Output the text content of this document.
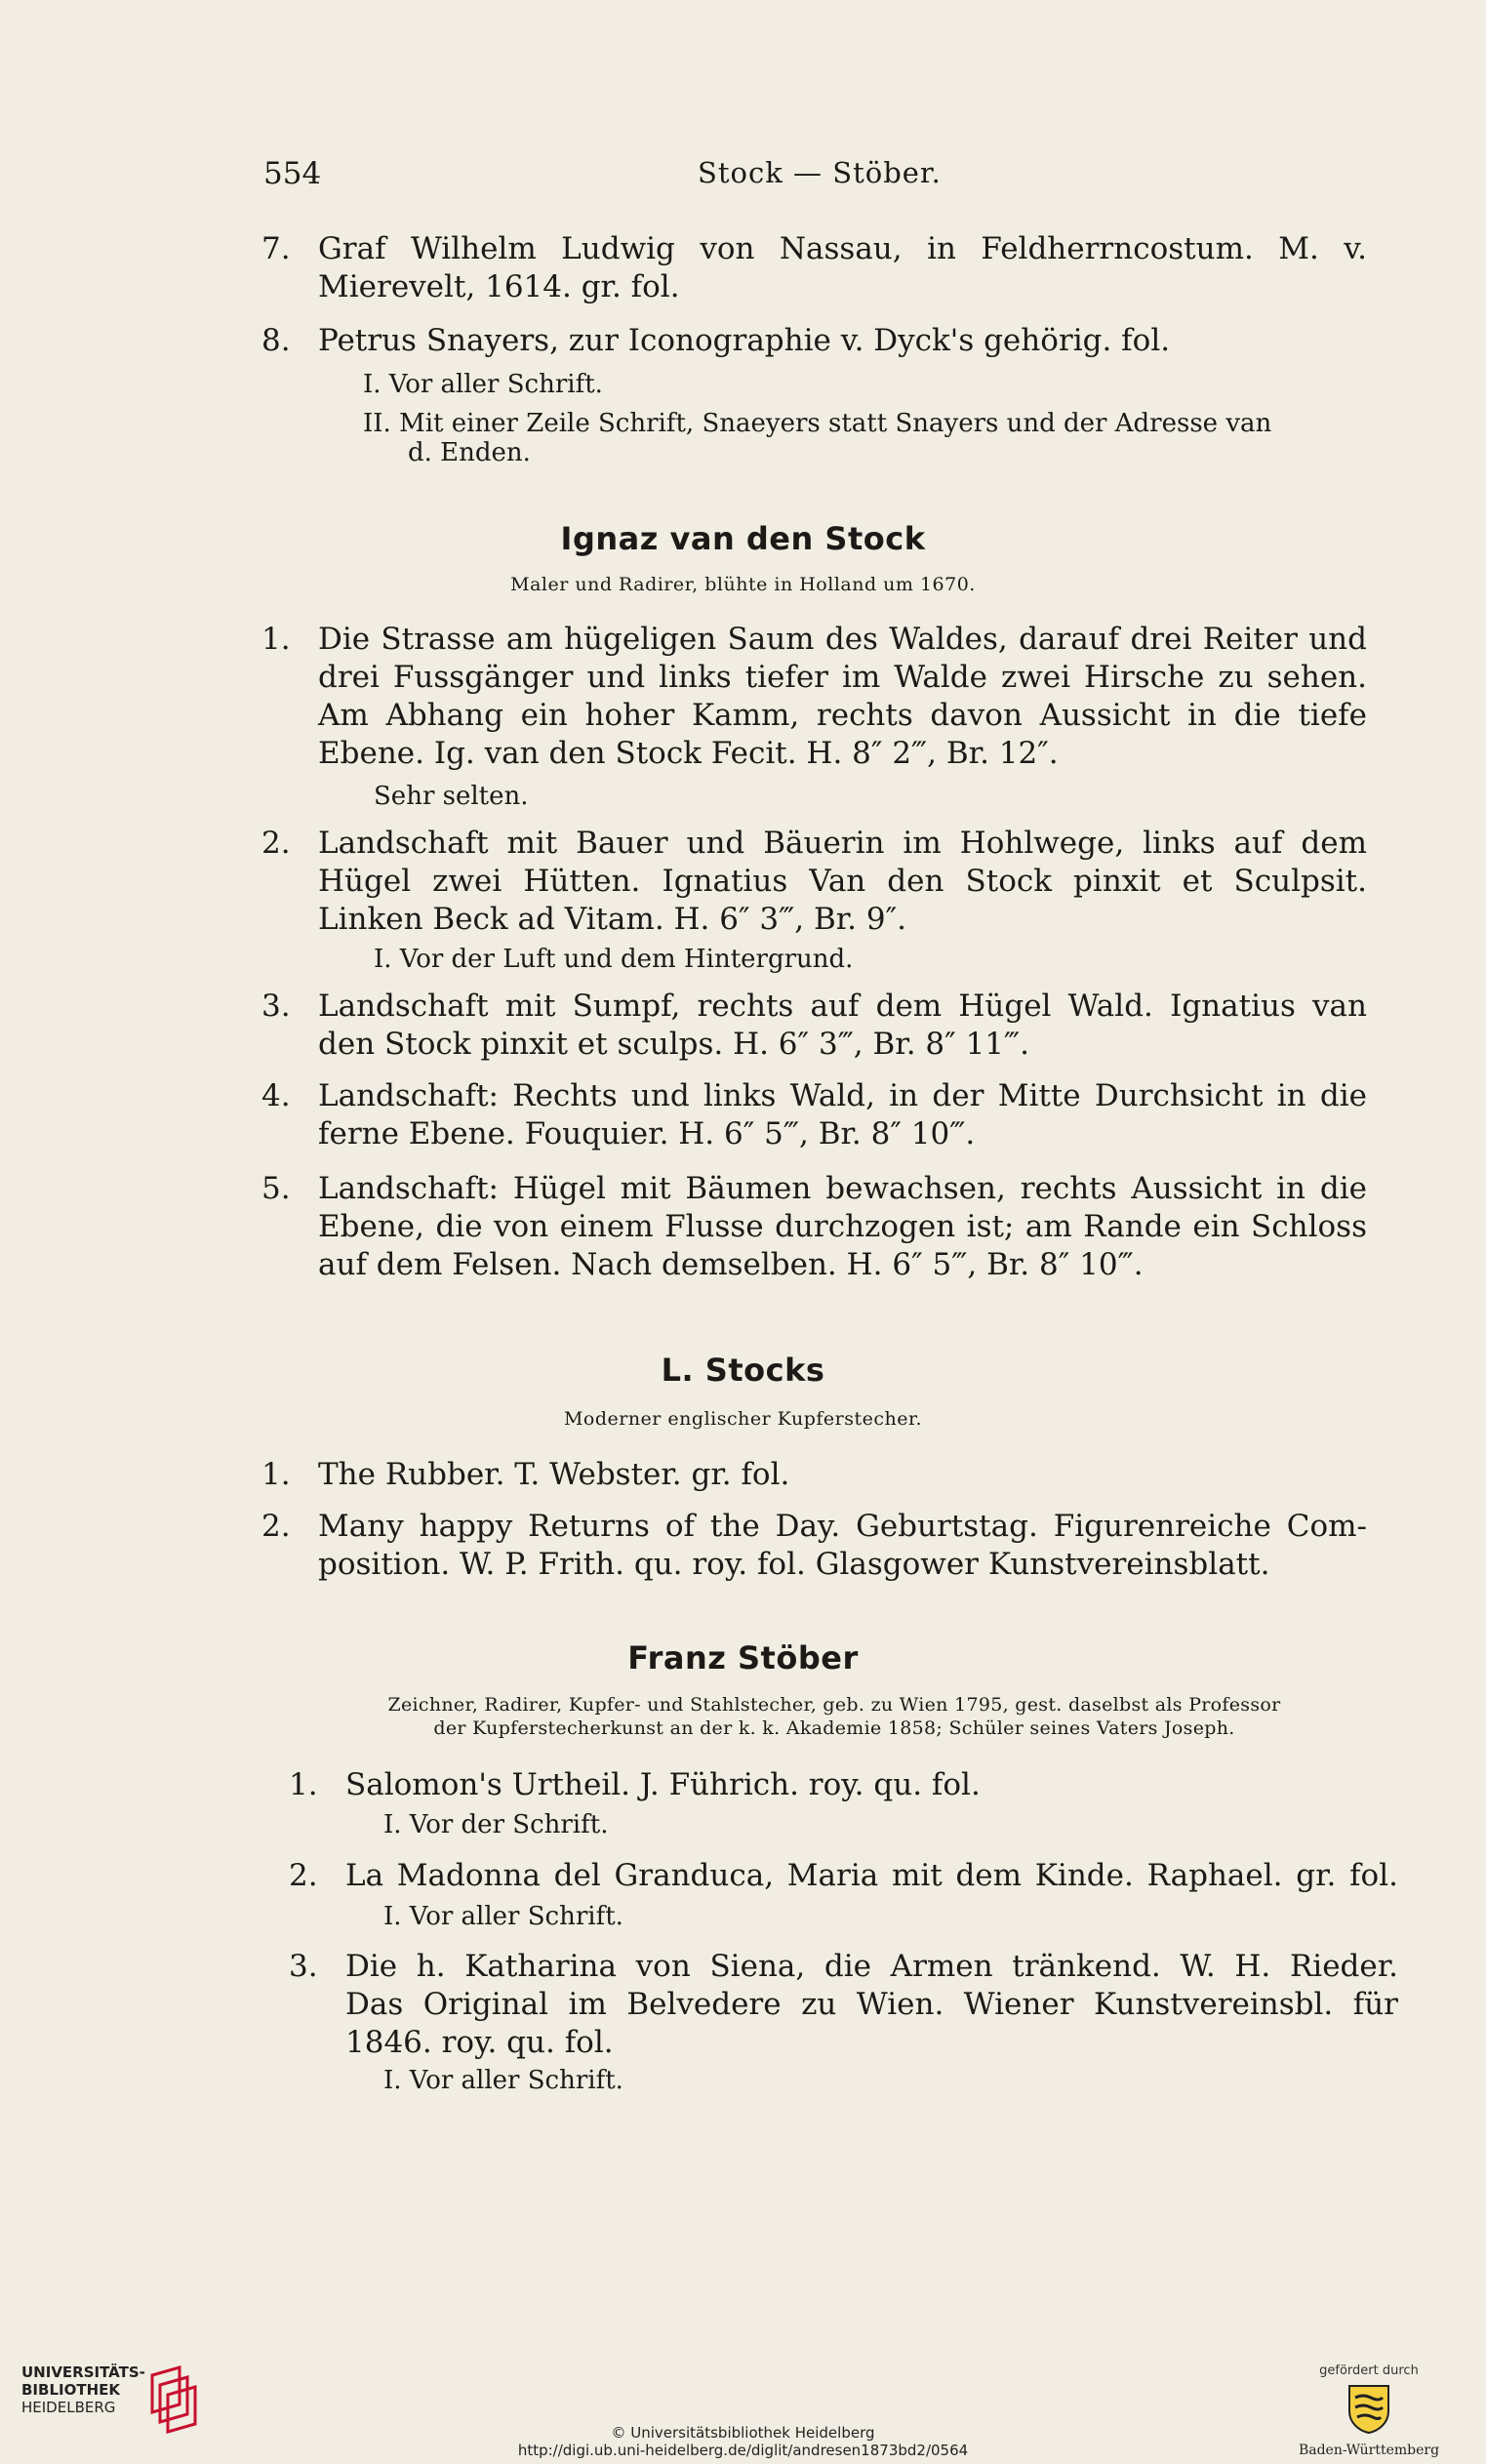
554	Stock — Stöber.
7. Graf Wilhelm Ludwig von Nassau, in Feldherrncostum. M. v.
Mierevelt, 1614. gr. fol.
8. Petrus Snayers, zur Iconographie v. Dyck's gehörig. fol.
I. Vor aller Schrift.
II. Mit einer Zeile Schrift, Snaeyers statt Snayers und der Adresse van
d. Enden.
Ignaz van den Stock
Maler und Radirer, blühte in Holland um 1670.
1. Die Strasse am hügeligen Saum des Waldes, darauf drei Reiter und
drei Fussgänger und links tiefer im Walde zwei Hirsche zu sehen.
Am Abhang ein hoher Kamm, rechts davon Aussicht in die tiefe
Ebene. Ig. van den Stock Fecit. H. 8″ 2‴, Br. 12″.
Sehr selten.
2. Landschaft mit Bauer und Bäuerin im Hohlwege, links auf dem
Hügel zwei Hütten. Ignatius Van den Stock pinxit et Sculpsit.
Linken Beck ad Vitam. H. 6″ 3‴, Br. 9″.
I. Vor der Luft und dem Hintergrund.
3. Landschaft mit Sumpf, rechts auf dem Hügel Wald. Ignatius van
den Stock pinxit et sculps. H. 6″ 3‴, Br. 8″ 11‴.
4. Landschaft: Rechts und links Wald, in der Mitte Durchsicht in die
ferne Ebene. Fouquier. H. 6″ 5‴, Br. 8″ 10‴.
5. Landschaft: Hügel mit Bäumen bewachsen, rechts Aussicht in die
Ebene, die von einem Flusse durchzogen ist; am Rande ein Schloss
auf dem Felsen. Nach demselben. H. 6″ 5‴, Br. 8″ 10‴.
L. Stocks
Moderner englischer Kupferstecher.
1. The Rubber. T. Webster. gr. fol.
2. Many happy Returns of the Day. Geburtstag. Figurenreiche Com-
position. W. P. Frith. qu. roy. fol. Glasgower Kunstvereinsblatt.
Franz Stöber
Zeichner, Radirer, Kupfer- und Stahlstecher, geb. zu Wien 1795, gest. daselbst als Professor
der Kupferstecherkunst an der k. k. Akademie 1858; Schüler seines Vaters Joseph.
1. Salomon's Urtheil. J. Führich. roy. qu. fol.
I. Vor der Schrift.
2. La Madonna del Granduca, Maria mit dem Kinde. Raphael. gr. fol.
I. Vor aller Schrift.
3. Die h. Katharina von Siena, die Armen tränkend. W. H. Rieder.
Das Original im Belvedere zu Wien. Wiener Kunstvereinsbl. für
1846. roy. qu. fol.
I. Vor aller Schrift.
UNIVERSITÄTS-
BIBLIOTHEK
HEIDELBERG
© Universitätsbibliothek Heidelberg
http://digi.ub.uni-heidelberg.de/diglit/andresen1873bd2/0564
gefördert durch
Baden-Württemberg
